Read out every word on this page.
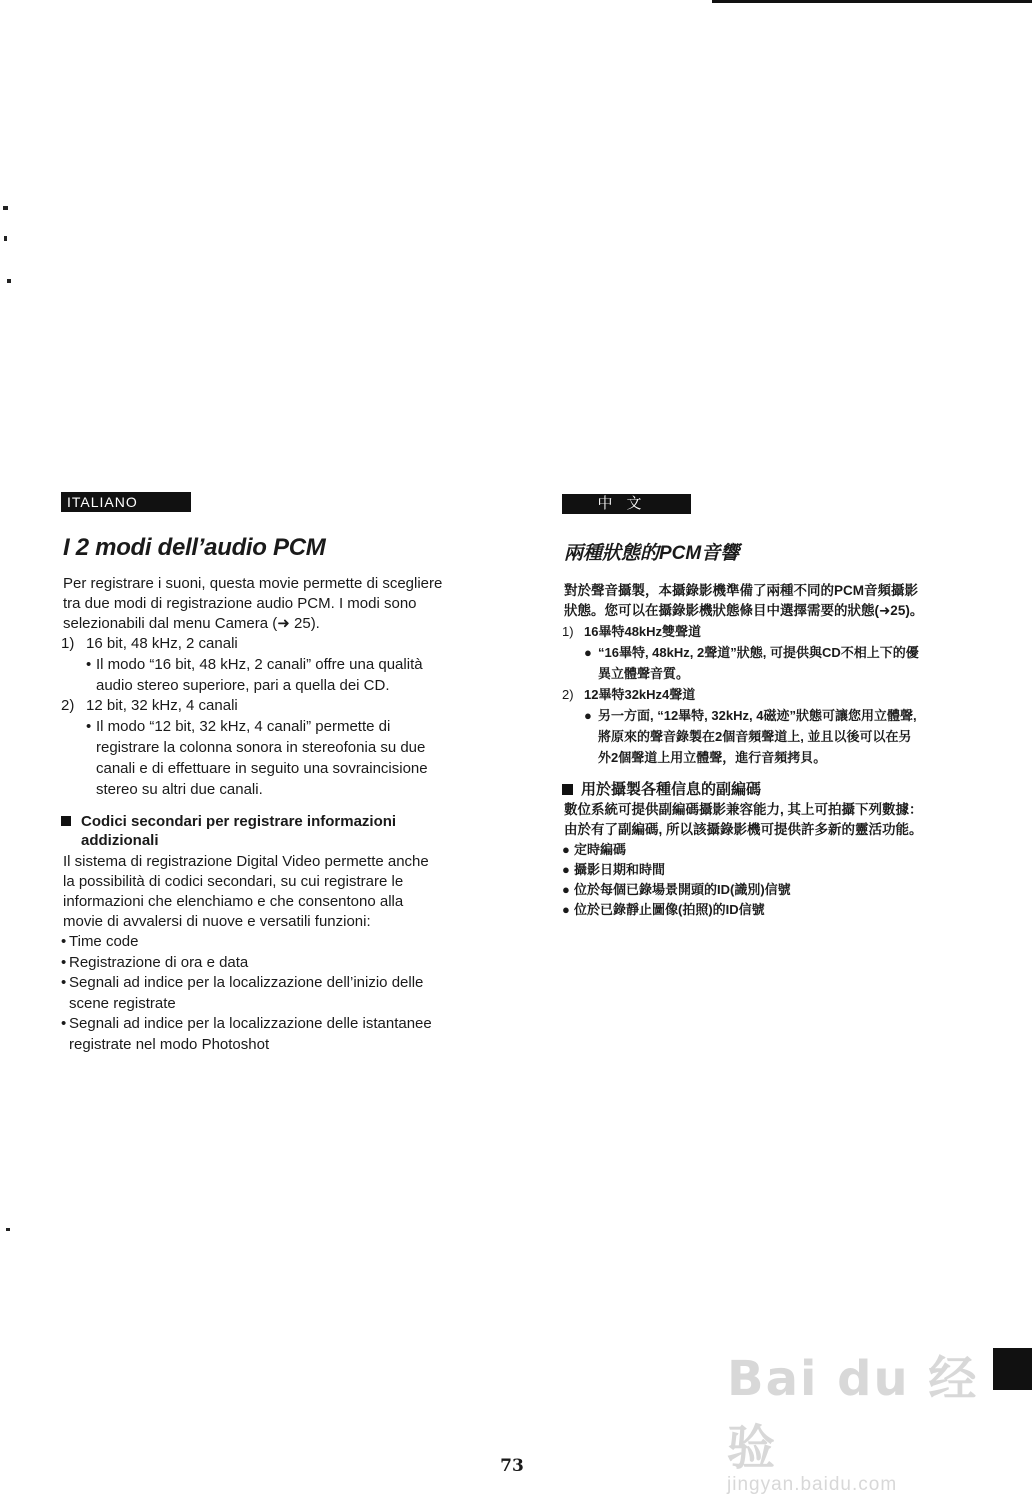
ITALIANO
I 2 modi dell’audio PCM
Per registrare i suoni, questa movie permette di scegliere
tra due modi di registrazione audio PCM. I modi sono
selezionabili dal menu Camera (➜ 25).
1) 16 bit, 48 kHz, 2 canali
• Il modo “16 bit, 48 kHz, 2 canali” offre una qualità
audio stereo superiore, pari a quella dei CD.
2) 12 bit, 32 kHz, 4 canali
• Il modo “12 bit, 32 kHz, 4 canali” permette di
registrare la colonna sonora in stereofonia su due
canali e di effettuare in seguito una sovraincisione
stereo su altri due canali.
Codici secondari per registrare informazioni
addizionali
Il sistema di registrazione Digital Video permette anche
la possibilità di codici secondari, su cui registrare le
informazioni che elenchiamo e che consentono alla
movie di avvalersi di nuove e versatili funzioni:
• Time code
• Registrazione di ora e data
• Segnali ad indice per la localizzazione dell’inizio delle
scene registrate
• Segnali ad indice per la localizzazione delle istantanee
registrate nel modo Photoshot
中文
兩種狀態的PCM音響
對於聲音攝製，本攝錄影機準備了兩種不同的PCM音頻攝影
狀態。您可以在攝錄影機狀態條目中選擇需要的狀態(➜25)。
1) 16畢特48kHz雙聲道
● “16畢特, 48kHz, 2聲道”狀態, 可提供與CD不相上下的優
異立體聲音質。
2) 12畢特32kHz4聲道
● 另一方面, “12畢特, 32kHz, 4磁迹”狀態可讓您用立體聲,
將原來的聲音錄製在2個音頻聲道上, 並且以後可以在另
外2個聲道上用立體聲，進行音頻拷貝。
用於攝製各種信息的副編碼
數位系統可提供副編碼攝影兼容能力, 其上可拍攝下列數據：
由於有了副編碼, 所以該攝錄影機可提供許多新的靈活功能。
● 定時編碼
● 攝影日期和時間
● 位於每個已錄場景開頭的ID(識別)信號
● 位於已錄靜止圖像(拍照)的ID信號
Bai du 经验
jingyan.baidu.com
73
